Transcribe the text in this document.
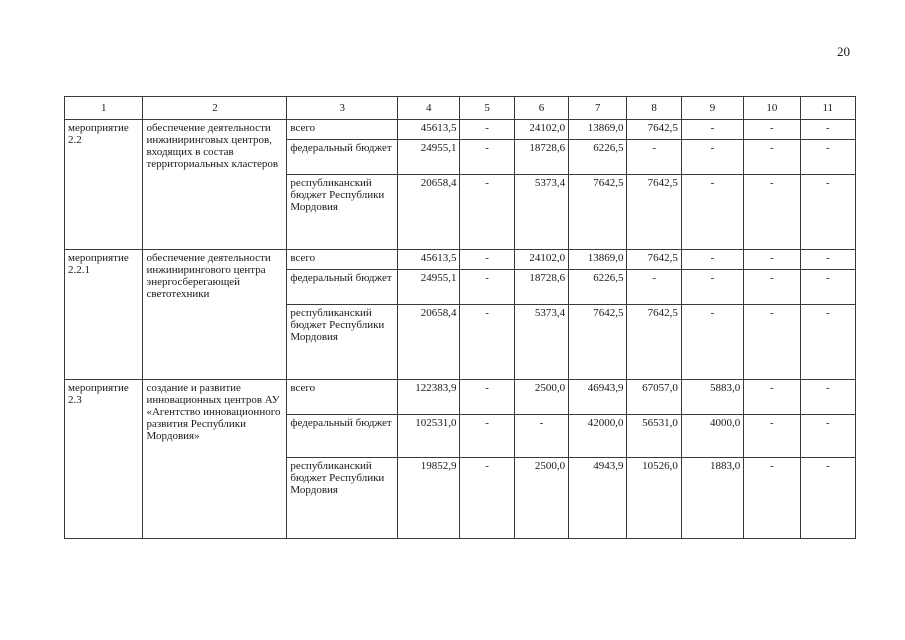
20
1	2	3	4	5	6	7	8	9	10	11
мероприятие 2.2	обеспечение деятельности инжиниринговых центров, входящих в состав территориальных кластеров	всего	45613,5	-	24102,0	13869,0	7642,5	-	-	-
		федеральный бюджет	24955,1	-	18728,6	6226,5	-	-	-	-
		республиканский бюджет Республики Мордовия	20658,4	-	5373,4	7642,5	7642,5	-	-	-
мероприятие 2.2.1	обеспечение деятельности инжинирингового центра энергосберегающей светотехники	всего	45613,5	-	24102,0	13869,0	7642,5	-	-	-
		федеральный бюджет	24955,1	-	18728,6	6226,5	-	-	-	-
		республиканский бюджет Республики Мордовия	20658,4	-	5373,4	7642,5	7642,5	-	-	-
мероприятие 2.3	создание и развитие инновационных центров АУ «Агентство инновационного развития Республики Мордовия»	всего	122383,9	-	2500,0	46943,9	67057,0	5883,0	-	-
		федеральный бюджет	102531,0	-	-	42000,0	56531,0	4000,0	-	-
		республиканский бюджет Республики Мордовия	19852,9	-	2500,0	4943,9	10526,0	1883,0	-	-
